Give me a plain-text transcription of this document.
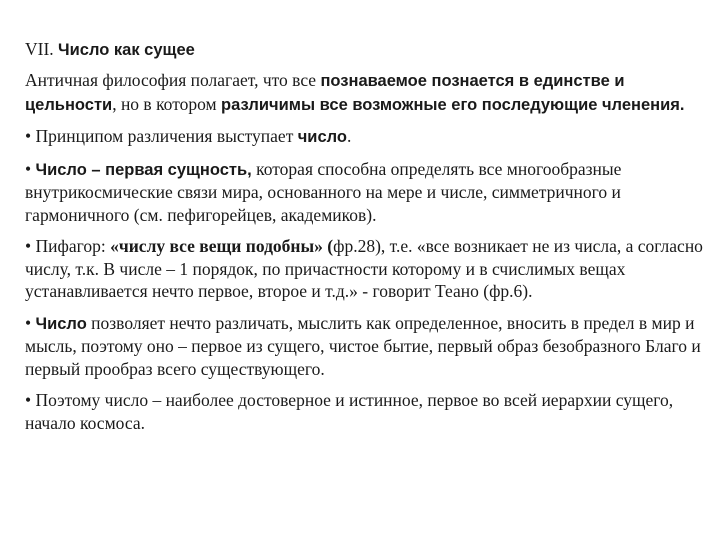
VII. Число как сущее

Античная философия полагает, что все познаваемое познается в единстве и цельности, но в котором различимы все возможные его последующие членения.

• Принципом различения выступает число.

• Число – первая сущность, которая способна определять все многообразные внутрикосмические связи мира, основанного на мере и числе, симметричного и гармоничного (см. пефигорейцев, академиков).

• Пифагор: «числу все вещи подобны» (фр.28), т.е. «все возникает не из числа, а согласно числу, т.к. В числе – 1 порядок, по причастности которому и в счислимых вещах устанавливается нечто первое, второе и т.д.» - говорит Теано (фр.6).

• Число позволяет нечто различать, мыслить как определенное, вносить в предел в мир и мысль, поэтому оно – первое из сущего, чистое бытие, первый образ безобразного Благо и первый прообраз всего существующего.

• Поэтому число – наиболее достоверное и истинное, первое во всей иерархии сущего, начало космоса.
